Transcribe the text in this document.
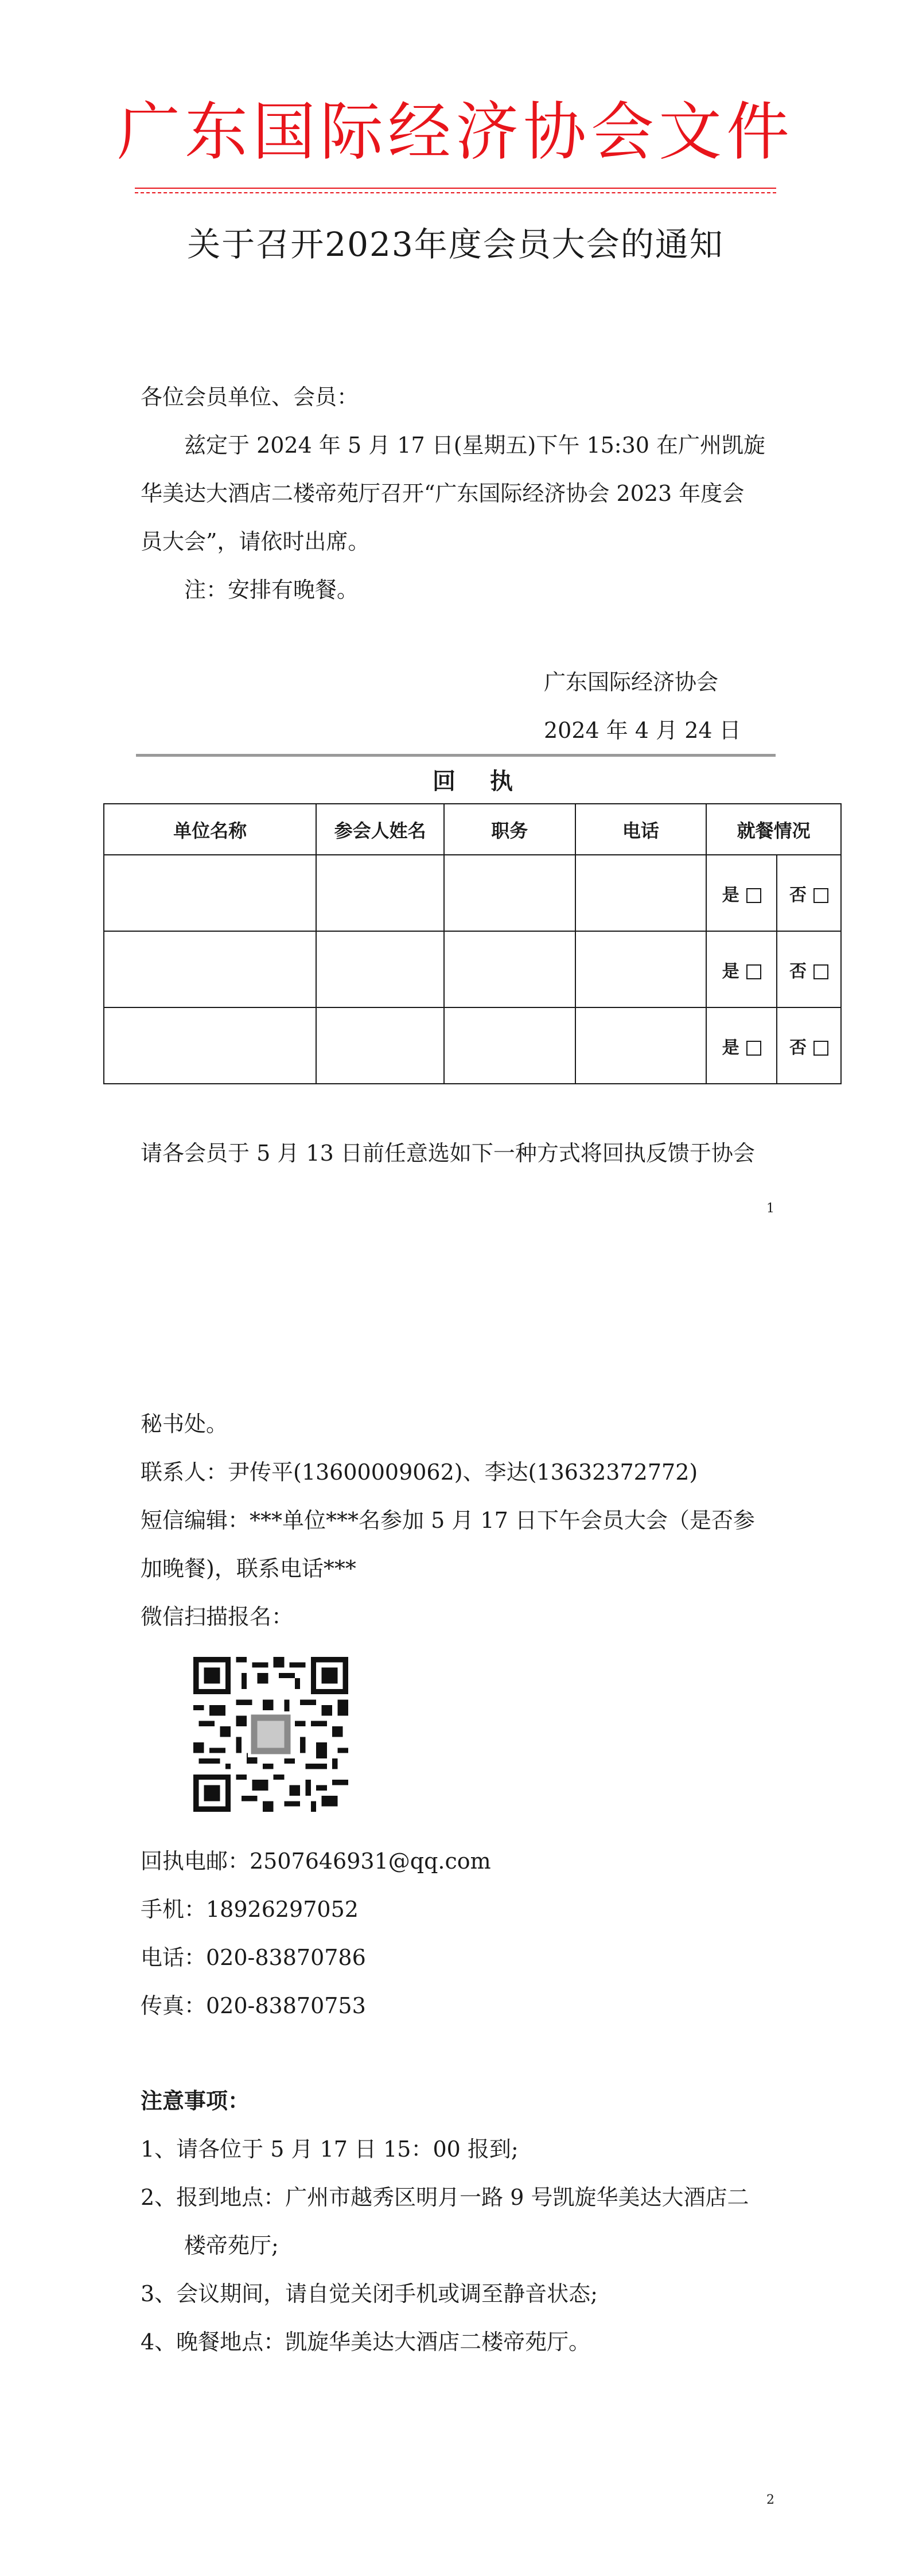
广东国际经济协会文件
关于召开2023年度会员大会的通知

各位会员单位、会员：

兹定于 2024 年 5 月 17 日(星期五)下午 15:30 在广州凯旋

华美达大酒店二楼帝苑厅召开“广东国际经济协会 2023 年度会

员大会”，请依时出席。

注：安排有晚餐。

广东国际经济协会
2024 年 4 月 24 日
回执
单位名称	参会人姓名	职务	电话	就餐情况	
				是	否
				是	否
				是	否
请各会员于 5 月 13 日前任意选如下一种方式将回执反馈于协会
1

秘书处。

联系人：尹传平(13600009062)、李达(13632372772)

短信编辑：***单位***名参加 5 月 17 日下午会员大会（是否参

加晚餐)，联系电话***

微信扫描报名：

回执电邮：2507646931@qq.com

手机：18926297052

电话：020-83870786

传真：020-83870753

注意事项：

1、请各位于 5 月 17 日 15：00 报到;

2、报到地点：广州市越秀区明月一路 9 号凯旋华美达大酒店二

楼帝苑厅;

3、会议期间，请自觉关闭手机或调至静音状态;

4、晚餐地点：凯旋华美达大酒店二楼帝苑厅。

2
